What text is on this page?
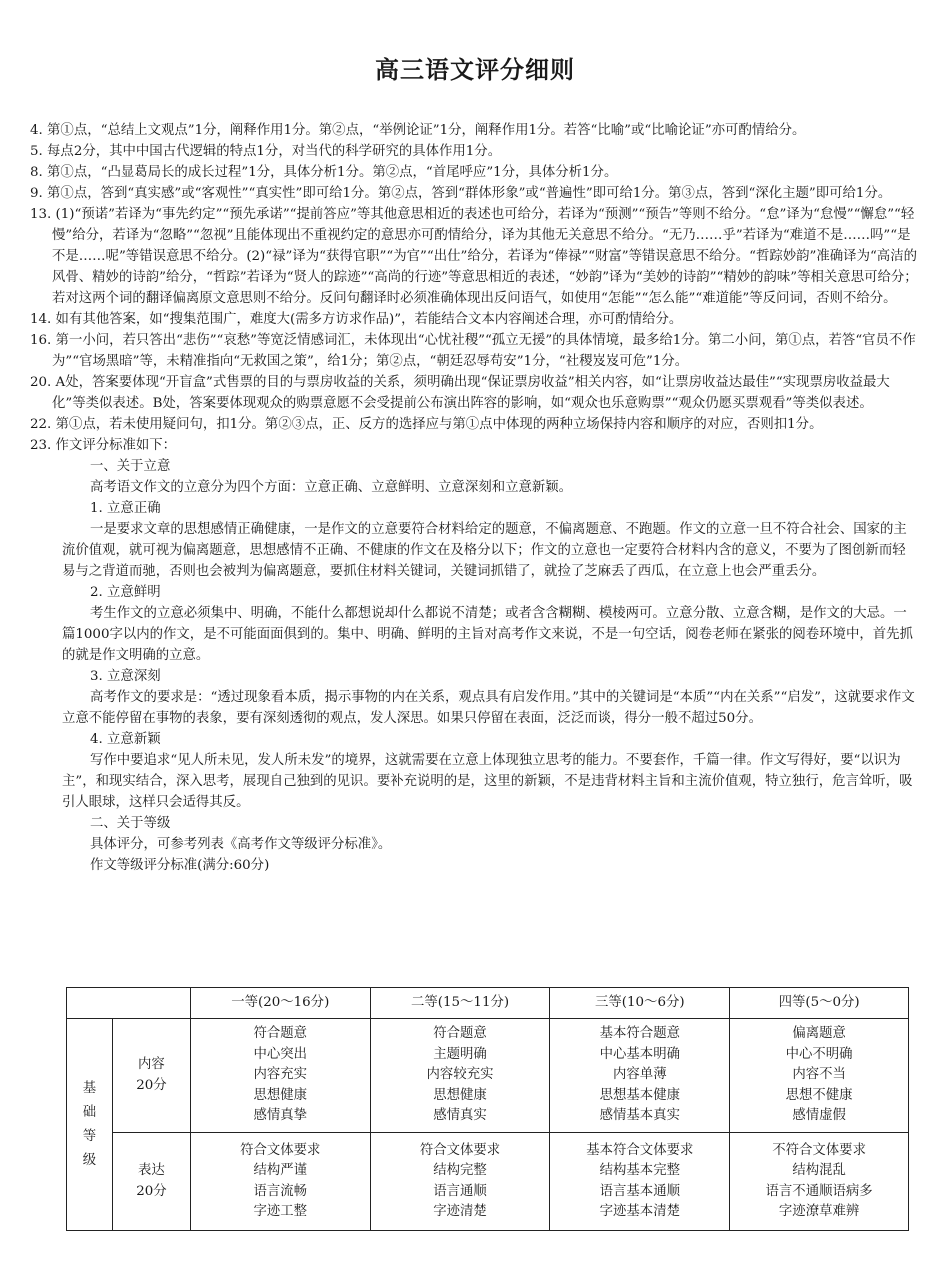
高三语文评分细则

4. 第①点，“总结上文观点”1分，阐释作用1分。第②点，“举例论证”1分，阐释作用1分。若答“比喻”或“比喻论证”亦可酌情给分。

5. 每点2分，其中中国古代逻辑的特点1分，对当代的科学研究的具体作用1分。

8. 第①点，“凸显葛局长的成长过程”1分，具体分析1分。第②点，“首尾呼应”1分，具体分析1分。

9. 第①点，答到“真实感”或“客观性”“真实性”即可给1分。第②点，答到“群体形象”或“普遍性”即可给1分。第③点，答到“深化主题”即可给1分。

13. (1)“预诺”若译为“事先约定”“预先承诺”“提前答应”等其他意思相近的表述也可给分，若译为“预测”“预告”等则不给分。“怠”译为“怠慢”“懈怠”“轻慢”给分，若译为“忽略”“忽视”且能体现出不重视约定的意思亦可酌情给分，译为其他无关意思不给分。“无乃……乎”若译为“难道不是……吗”“是不是……呢”等错误意思不给分。(2)“禄”译为“获得官职”“为官”“出仕”给分，若译为“俸禄”“财富”等错误意思不给分。“哲踪妙韵”准确译为“高洁的风骨、精妙的诗韵”给分，“哲踪”若译为“贤人的踪迹”“高尚的行迹”等意思相近的表述，“妙韵”译为“美妙的诗韵”“精妙的韵味”等相关意思可给分；若对这两个词的翻译偏离原文意思则不给分。反问句翻译时必须准确体现出反问语气，如使用“怎能”“怎么能”“难道能”等反问词，否则不给分。

14. 如有其他答案，如“搜集范围广，难度大(需多方访求作品)”，若能结合文本内容阐述合理，亦可酌情给分。

16. 第一小问，若只答出“悲伤”“哀愁”等宽泛情感词汇，未体现出“心忧社稷”“孤立无援”的具体情境，最多给1分。第二小问，第①点，若答“官员不作为”“官场黑暗”等，未精准指向“无救国之策”，给1分；第②点，“朝廷忍辱苟安”1分，“社稷岌岌可危”1分。

20. A处，答案要体现“开盲盒”式售票的目的与票房收益的关系，须明确出现“保证票房收益”相关内容，如“让票房收益达最佳”“实现票房收益最大化”等类似表述。B处，答案要体现观众的购票意愿不会受提前公布演出阵容的影响，如“观众也乐意购票”“观众仍愿买票观看”等类似表述。

22. 第①点，若未使用疑问句，扣1分。第②③点，正、反方的选择应与第①点中体现的两种立场保持内容和顺序的对应，否则扣1分。

23. 作文评分标准如下：

一、关于立意

高考语文作文的立意分为四个方面：立意正确、立意鲜明、立意深刻和立意新颖。

1. 立意正确

一是要求文章的思想感情正确健康，一是作文的立意要符合材料给定的题意，不偏离题意、不跑题。作文的立意一旦不符合社会、国家的主流价值观，就可视为偏离题意，思想感情不正确、不健康的作文在及格分以下；作文的立意也一定要符合材料内含的意义，不要为了图创新而轻易与之背道而驰，否则也会被判为偏离题意，要抓住材料关键词，关键词抓错了，就捡了芝麻丢了西瓜，在立意上也会严重丢分。

2. 立意鲜明

考生作文的立意必须集中、明确，不能什么都想说却什么都说不清楚；或者含含糊糊、模棱两可。立意分散、立意含糊，是作文的大忌。一篇1000字以内的作文，是不可能面面俱到的。集中、明确、鲜明的主旨对高考作文来说，不是一句空话，阅卷老师在紧张的阅卷环境中，首先抓的就是作文明确的立意。

3. 立意深刻

高考作文的要求是：“透过现象看本质，揭示事物的内在关系，观点具有启发作用。”其中的关键词是“本质”“内在关系”“启发”，这就要求作文立意不能停留在事物的表象，要有深刻透彻的观点，发人深思。如果只停留在表面，泛泛而谈，得分一般不超过50分。

4. 立意新颖

写作中要追求“见人所未见，发人所未发”的境界，这就需要在立意上体现独立思考的能力。不要套作，千篇一律。作文写得好，要“以识为主”，和现实结合，深入思考，展现自己独到的见识。要补充说明的是，这里的新颖，不是违背材料主旨和主流价值观，特立独行，危言耸听，吸引人眼球，这样只会适得其反。

二、关于等级

具体评分，可参考列表《高考作文等级评分标准》。

作文等级评分标准(满分:60分)

		一等(20～16分)	二等(15～11分)	三等(10～6分)	四等(5～0分)

基础等级	内容
20分	符合题意
中心突出
内容充实
思想健康
感情真挚	符合题意
主题明确
内容较充实
思想健康
感情真实	基本符合题意
中心基本明确
内容单薄
思想基本健康
感情基本真实	偏离题意
中心不明确
内容不当
思想不健康
感情虚假

	表达
20分	符合文体要求
结构严谨
语言流畅
字迹工整	符合文体要求
结构完整
语言通顺
字迹清楚	基本符合文体要求
结构基本完整
语言基本通顺
字迹基本清楚	不符合文体要求
结构混乱
语言不通顺语病多
字迹潦草难辨
